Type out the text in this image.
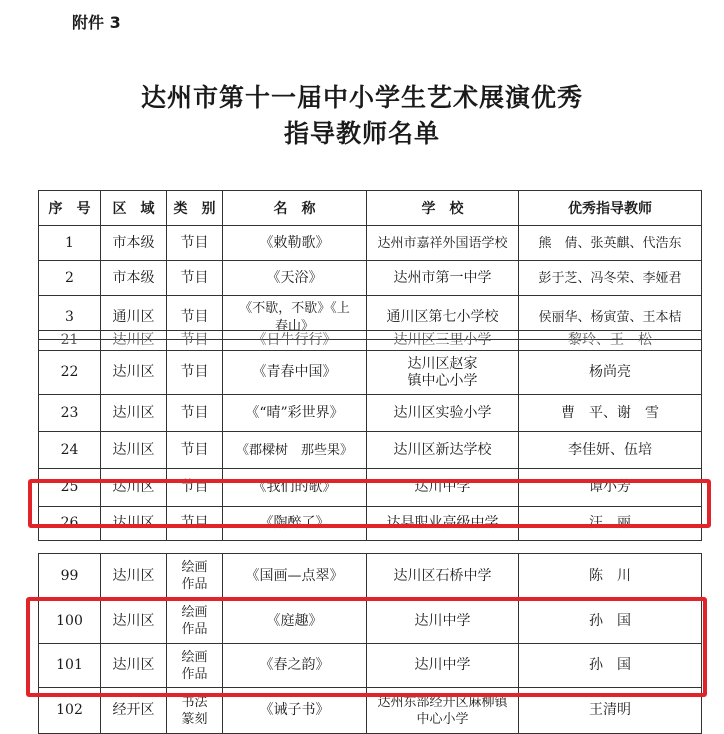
附件 3
达州市第十一届中小学生艺术展演优秀
指导教师名单
序　号	区　域	类　别	名　称	学　校	优秀指导教师
1	市本级	节目	《敕勒歌》	达州市嘉祥外国语学校	熊　倩、张英麒、代浩东
2	市本级	节目	《天浴》	达州市第一中学	彭于芝、冯冬荣、李娅君
3	通川区	节目	《不歇，不歇》《上春山》	通川区第七小学校	侯丽华、杨寅萤、王本桔
21	达川区	节目	《日牛行行》	达川区三里小学	黎玲、王　松
22	达川区	节目	《青春中国》	达川区赵家镇中心小学	杨尚亮
23	达川区	节目	《“晴”彩世界》	达川区实验小学	曹　平、谢　雪
24	达川区	节目	《郡樑树　那些果》	达川区新达学校	李佳妍、伍培
25	达川区	节目	《我们的歌》	达川中学	谭小芳
26	达川区	节目	《陶醉了》	达县职业高级中学	汪　丽
99	达川区	绘画作品	《国画—点翠》	达川区石桥中学	陈　川
100	达川区	绘画作品	《庭趣》	达川中学	孙　国
101	达川区	绘画作品	《春之韵》	达川中学	孙　国
102	经开区	书法篆刻	《诫子书》	达州东部经开区麻柳镇中心小学	王清明
